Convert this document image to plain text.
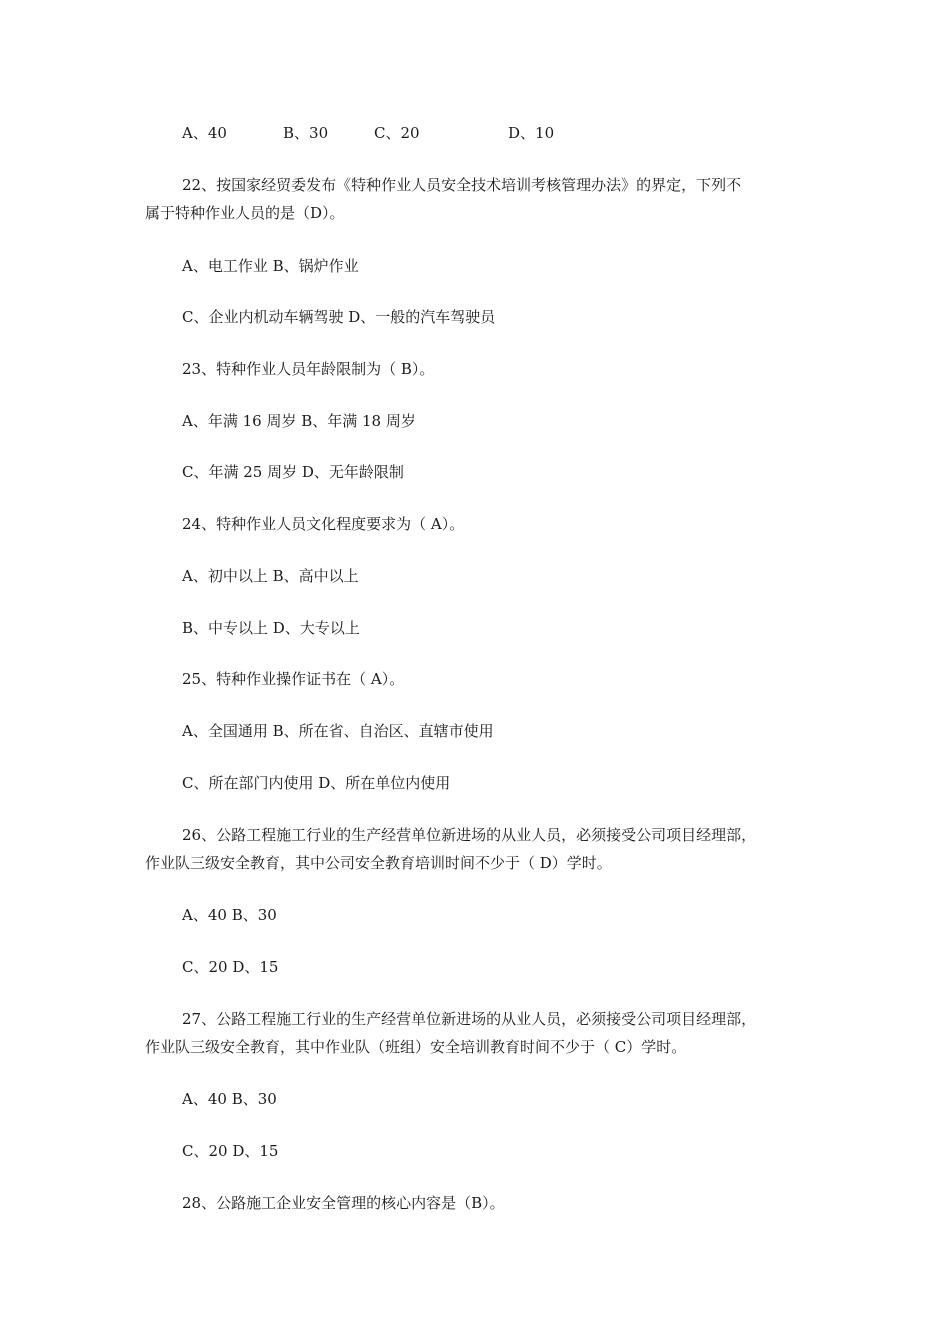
A、40	B、30	C、20	D、10
22、按国家经贸委发布《特种作业人员安全技术培训考核管理办法》的界定，下列不
属于特种作业人员的是（D）。
A、电工作业 B、锅炉作业
C、企业内机动车辆驾驶 D、一般的汽车驾驶员
23、特种作业人员年龄限制为（ B）。
A、年满 16 周岁 B、年满 18 周岁
C、年满 25 周岁 D、无年龄限制
24、特种作业人员文化程度要求为（ A）。
A、初中以上 B、高中以上
B、中专以上 D、大专以上
25、特种作业操作证书在（ A）。
A、全国通用 B、所在省、自治区、直辖市使用
C、所在部门内使用 D、所在单位内使用
26、公路工程施工行业的生产经营单位新进场的从业人员，必须接受公司项目经理部，
作业队三级安全教育，其中公司安全教育培训时间不少于（ D）学时。
A、40 B、30
C、20 D、15
27、公路工程施工行业的生产经营单位新进场的从业人员，必须接受公司项目经理部，
作业队三级安全教育，其中作业队（班组）安全培训教育时间不少于（ C）学时。
A、40 B、30
C、20 D、15
28、公路施工企业安全管理的核心内容是（B）。
